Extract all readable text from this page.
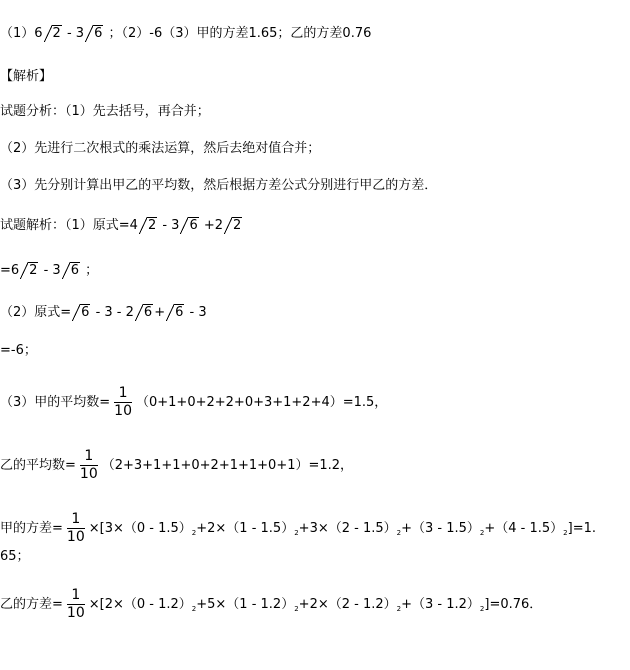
（1）6 2 - 3 6 ；（2）-6（3）甲的方差1.65；乙的方差0.76
【解析】
试题分析：（1）先去括号，再合并；
（2）先进行二次根式的乘法运算，然后去绝对值合并；
（3）先分别计算出甲乙的平均数，然后根据方差公式分别进行甲乙的方差．
试题解析：（1）原式=4 2 - 3 6 +2 2
=6 2 - 3 6 ；
（2）原式= 6 - 3 - 2 6 + 6 - 3
=-6；
（3）甲的平均数= $\frac{1}{10} (0+1+0+2+2+0+3+1+2+4)=1.5$，
乙的平均数= $\frac{1}{10} (2+3+1+1+0+2+1+1+0+1)=1.2$，
甲的方差= $\frac{1}{10} \times[3\times(0 - 1.5)_2+2\times(1 - 1.5)_2+3\times(2 - 1.5)_2+(3 - 1.5)_2+(4 - 1.5)_2]=1$.
65；
乙的方差= $\frac{1}{10} \times[2\times(0 - 1.2)_2+5\times(1 - 1.2)_2+2\times(2 - 1.2)_2+(3 - 1.2)_2]=0.76$．
